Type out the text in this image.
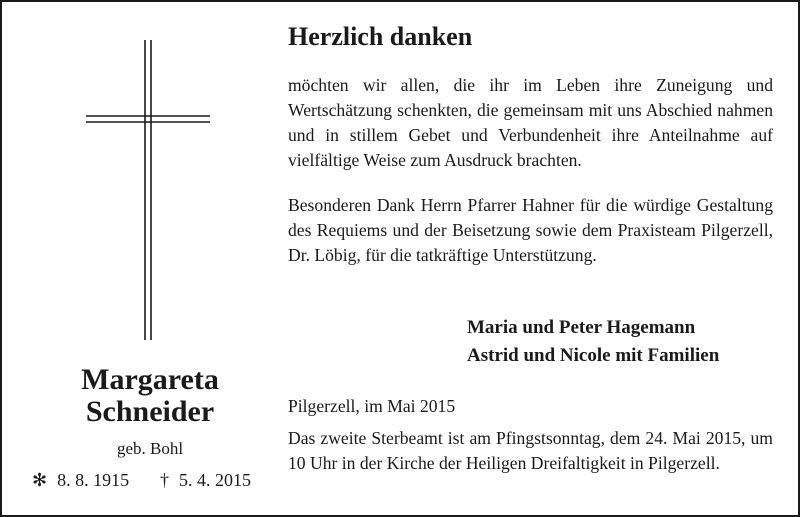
Margareta
Schneider
geb. Bohl
✻ 8. 8. 1915 † 5. 4. 2015
Herzlich danken

möchten wir allen, die ihr im Leben ihre Zuneigung und Wertschätzung schenkten, die gemeinsam mit uns Abschied nahmen und in stillem Gebet und Verbundenheit ihre Anteilnahme auf vielfältige Weise zum Ausdruck brachten.

Besonderen Dank Herrn Pfarrer Hahner für die würdige Gestaltung des Requiems und der Beisetzung sowie dem Praxisteam Pilgerzell, Dr. Löbig, für die tatkräftige Unterstützung.

Maria und Peter Hagemann
Astrid und Nicole mit Familien
Pilgerzell, im Mai 2015

Das zweite Sterbeamt ist am Pfingstsonntag, dem 24. Mai 2015, um 10 Uhr in der Kirche der Heiligen Dreifaltigkeit in Pilgerzell.
